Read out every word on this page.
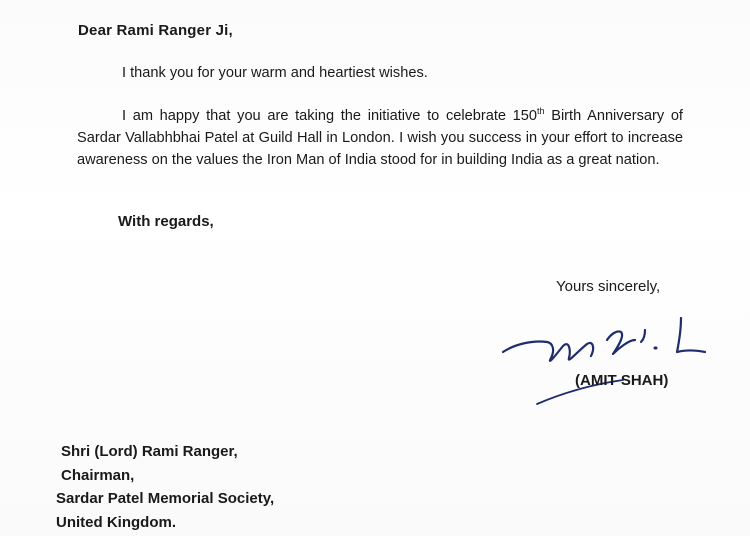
Dear Rami Ranger Ji,
I thank you for your warm and heartiest wishes.
I am happy that you are taking the initiative to celebrate 150th Birth Anniversary of Sardar Vallabhbhai Patel at Guild Hall in London. I wish you success in your effort to increase awareness on the values the Iron Man of India stood for in building India as a great nation.
With regards,
Yours sincerely,
(AMIT SHAH)
Shri (Lord) Rami Ranger,
Chairman,
Sardar Patel Memorial Society,
United Kingdom.
